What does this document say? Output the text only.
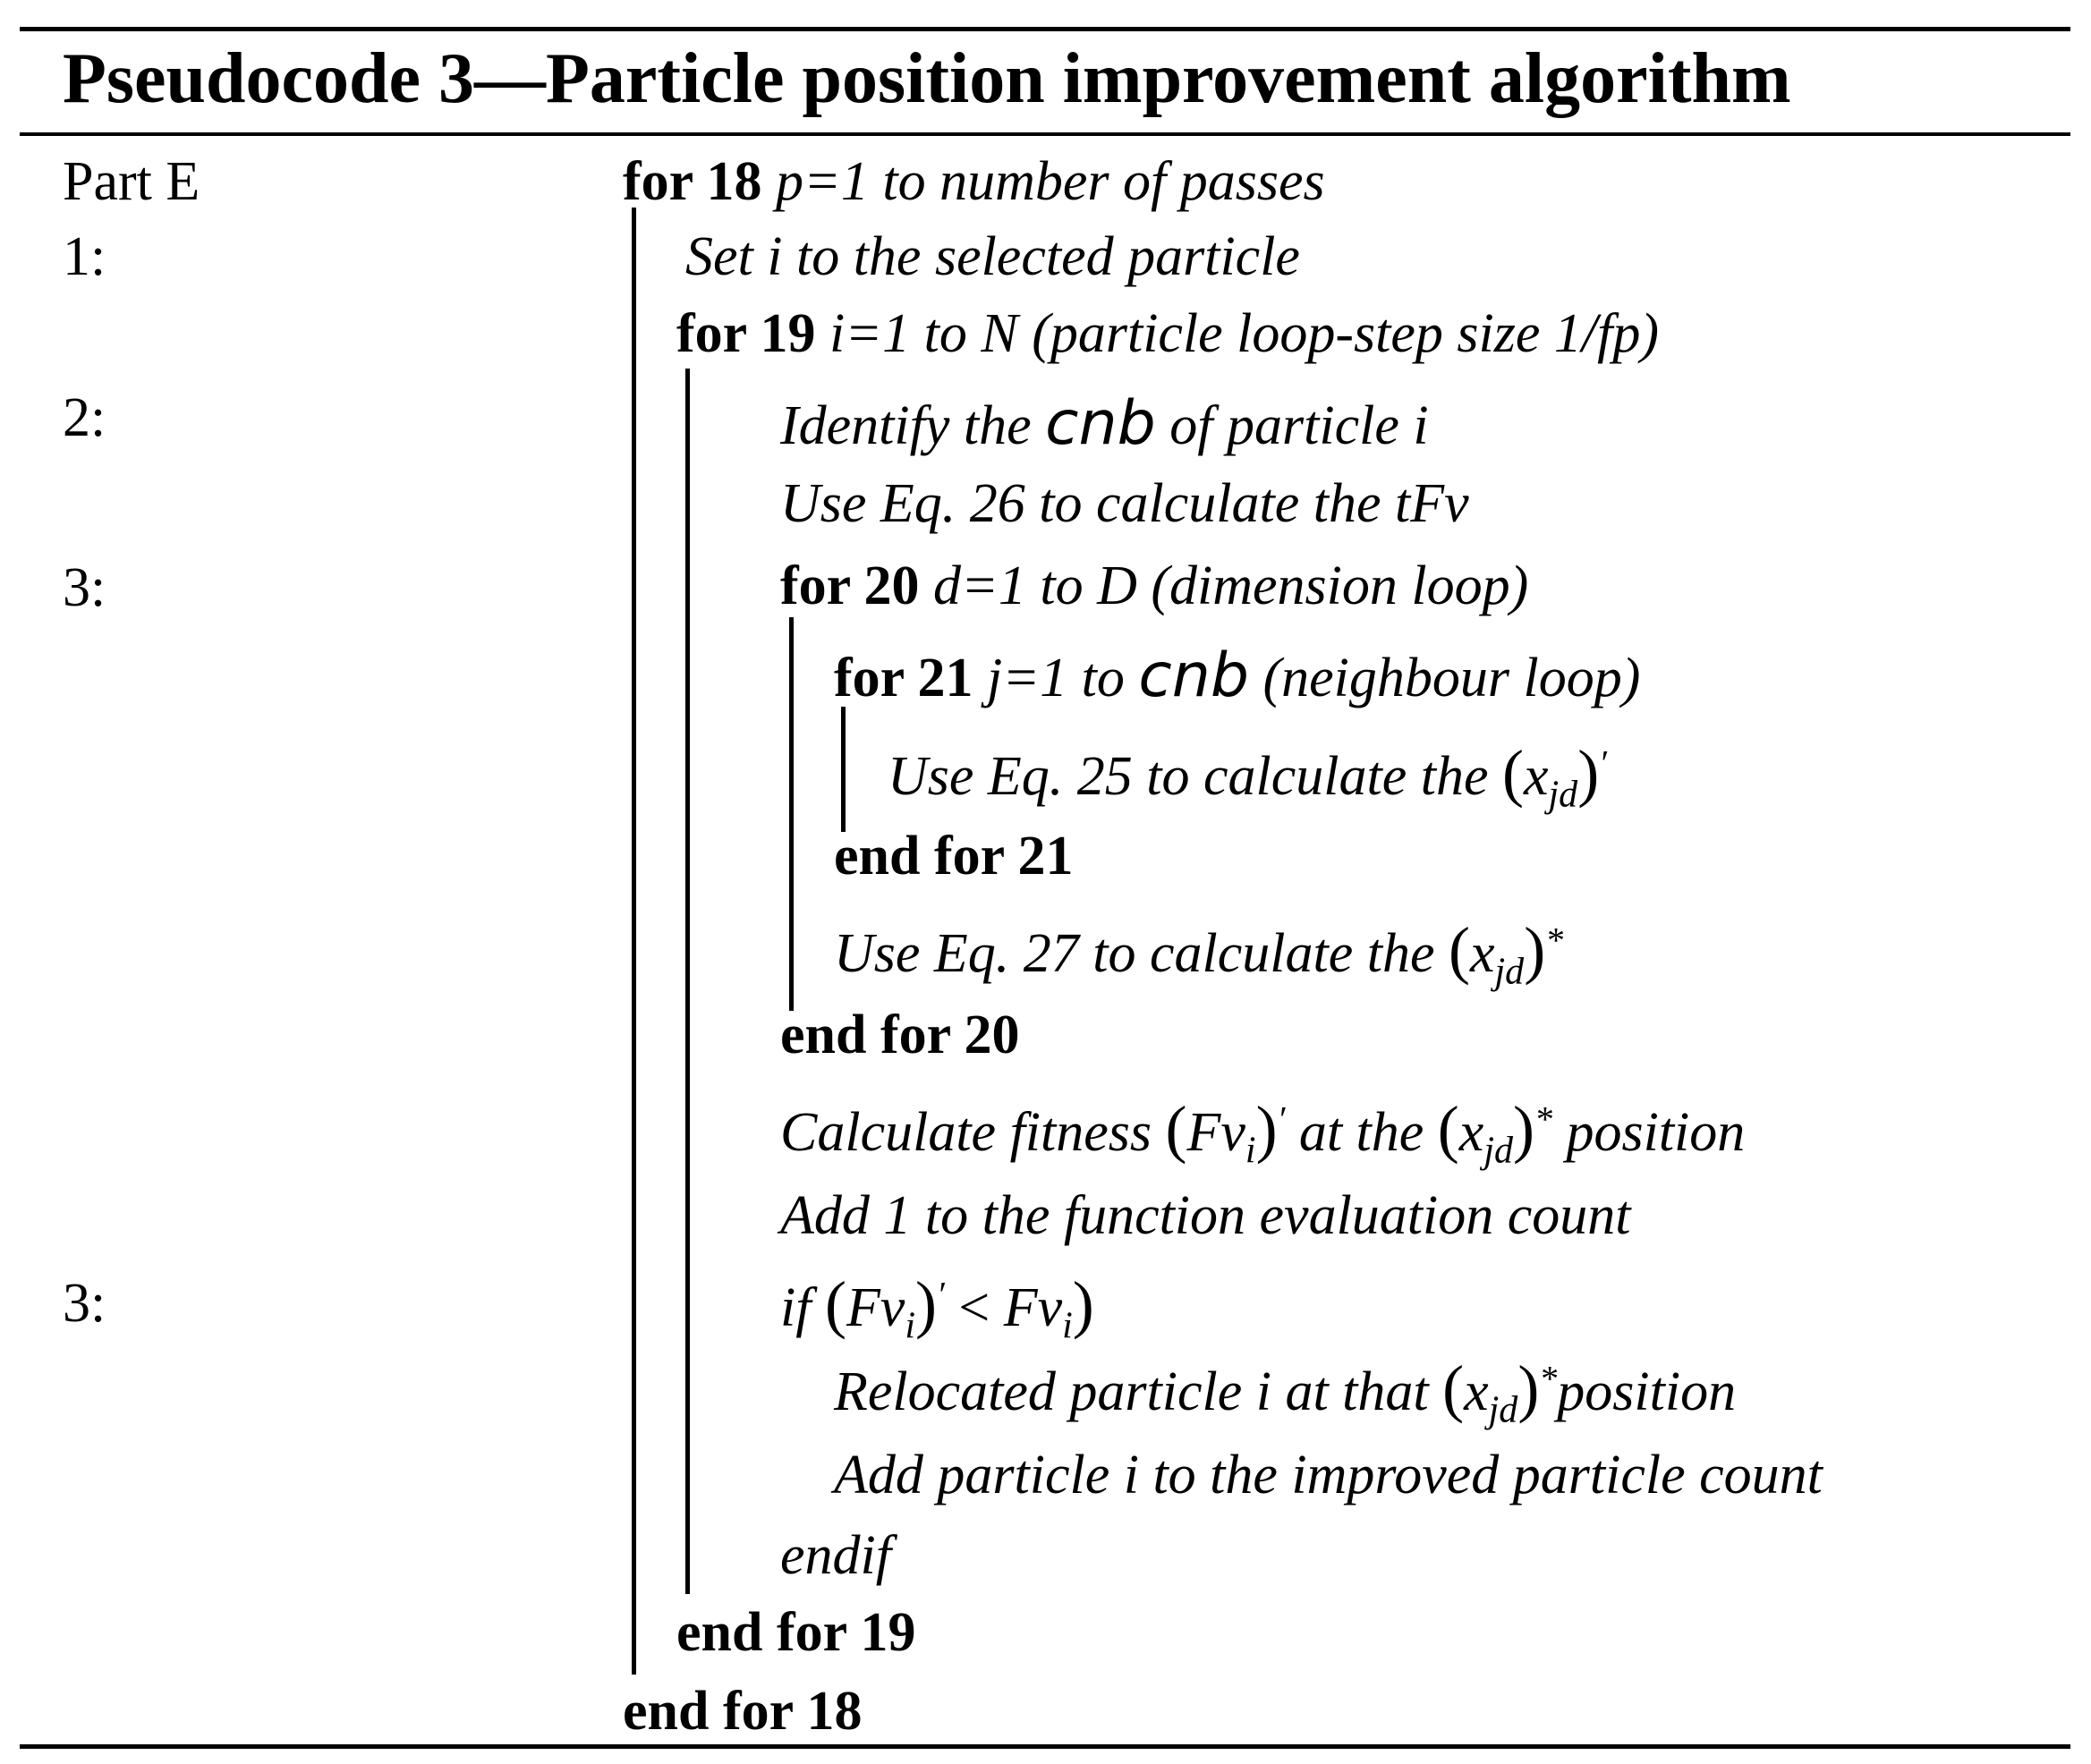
Pseudocode 3—Particle position improvement algorithm
Part E
1:
2:
3:
3:
for 18 p=1 to number of passes
Set i to the selected particle
for 19 i=1 to N (particle loop-step size 1/fp)
Identify the cnb of particle i
Use Eq. 26 to calculate the tFv
for 20 d=1 to D (dimension loop)
for 21 j=1 to cnb (neighbour loop)
Use Eq. 25 to calculate the $(x_{jd})'$
end for 21
Use Eq. 27 to calculate the $(x_{jd})^*$
end for 20
Calculate fitness $(Fv_i)'$ at the $(x_{jd})^*$ position
Add 1 to the function evaluation count
if $(Fv_i)' < Fv_i$)
Relocated particle i at that $(x_{jd})^*position$
Add particle i to the improved particle count
endif
end for 19
end for 18
